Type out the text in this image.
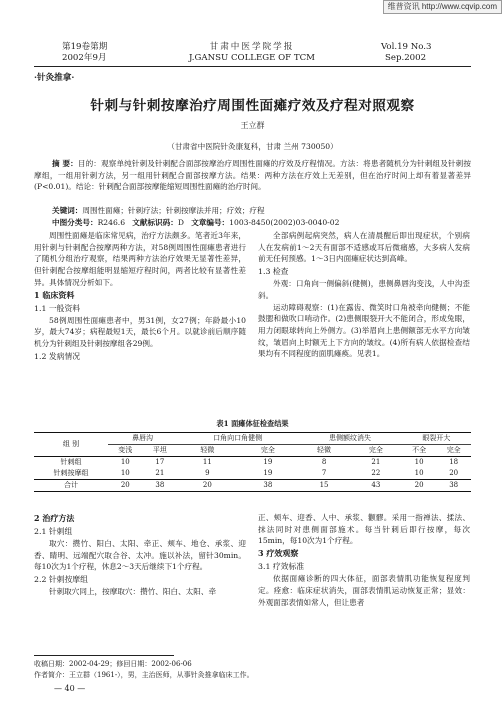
维普资讯 http://www.cqvip.com
第19卷第期
2002年9月
甘肃中医学院学报
J.GANSU COLLEGE OF TCM
Vol.19 No.3
Sep.2002
·针灸推拿·
针刺与针刺按摩治疗周围性面瘫疗效及疗程对照观察
王立群
（甘肃省中医院针灸康复科，甘肃 兰州 730050）
摘 要：目的：观察单纯针刺及针刺配合面部按摩治疗周围性面瘫的疗效及疗程情况。方法：将患者随机分为针刺组及针刺按摩组，一组用针刺方法，另一组用针刺配合面部按摩方法。结果：两种方法在疗效上无差别，但在治疗时间上却有着显著差异(P<0.01)。结论：针刺配合面部按摩能缩短周围性面瘫的治疗时间。
关键词：周围性面瘫；针刺疗法；针刺按摩法并用；疗效；疗程
中图分类号：R246.6 文献标识码：D 文章编号：1003-8450(2002)03-0040-02

周围性面瘫是临床常见病，治疗方法颇多。笔者近3年来，用针刺与针刺配合按摩两种方法，对58例周围性面瘫患者进行了随机分组治疗观察，结果两种方法治疗效果无显著性差异，但针刺配合按摩组能明显缩短疗程时间，两者比较有显著性差异。具体情况分析如下。

1 临床资料
1.1 一般资料

58例周围性面瘫患者中，男31例，女27例；年龄最小10岁，最大74岁；病程最短1天，最长6个月。以就诊前后顺序随机分为针刺组及针刺按摩组各29例。

1.2 发病情况

全部病例起病突然，病人在清晨醒后即出现症状，个别病人在发病前1～2天有面部不适感或耳后微痛感，大多病人发病前无任何预感。1～3日内面瘫症状达到高峰。

1.3 检查

外观：口角向一侧偏斜(健侧)，患侧鼻唇沟变浅，人中沟歪斜。

运动障碍观察：(1)在露齿、微笑时口角被牵向健侧；不能鼓腮和做吹口哨动作。(2)患侧眼裂开大不能闭合，形成兔眼，用力闭眼球转向上外侧方。(3)举眉向上患侧额部无水平方向皱纹，皱眉向上时额无上下方向的皱纹。(4)所有病人依据检查结果均有不同程度的面肌瘫痪。见表1。

表1 面瘫体征检查结果
组 别	鼻唇沟		口角向口角健侧		患侧额纹消失		眼裂开大	
	变浅	平坦	轻微	完全	轻微	完全	不全	完全
针刺组	10	17	11	19	8	21	10	18
针刺按摩组	10	21	9	19	7	22	10	20
合计	20	38	20	38	15	43	20	38
2 治疗方法
2.1 针刺组

取穴：攒竹、阳白、太阳、牵正、颊车、地仓、承浆、迎香、睛明、远端配穴取合谷、太冲。施以补法，留针30min。每10次为1个疗程，休息2～3天后继续下1个疗程。

2.2 针刺按摩组

针刺取穴同上，按摩取穴：攒竹、阳白、太阳、牵

正、颊车、迎香、人中、承浆、颧髎。采用一指禅法、揉法、抹法同时对患侧面部施术。每当针刺后即行按摩，每次15min，每10次为1个疗程。

3 疗效观察
3.1 疗效标准

依据面瘫诊断的四大体征，面部表情肌功能恢复程度判定。痊愈：临床症状消失，面部表情肌运动恢复正常；显效：外观面部表情如常人，但让患者

收稿日期：2002-04-29；修回日期：2002-06-06
作者简介：王立群（1961-），男，主治医师，从事针灸推拿临床工作。
— 40 —
